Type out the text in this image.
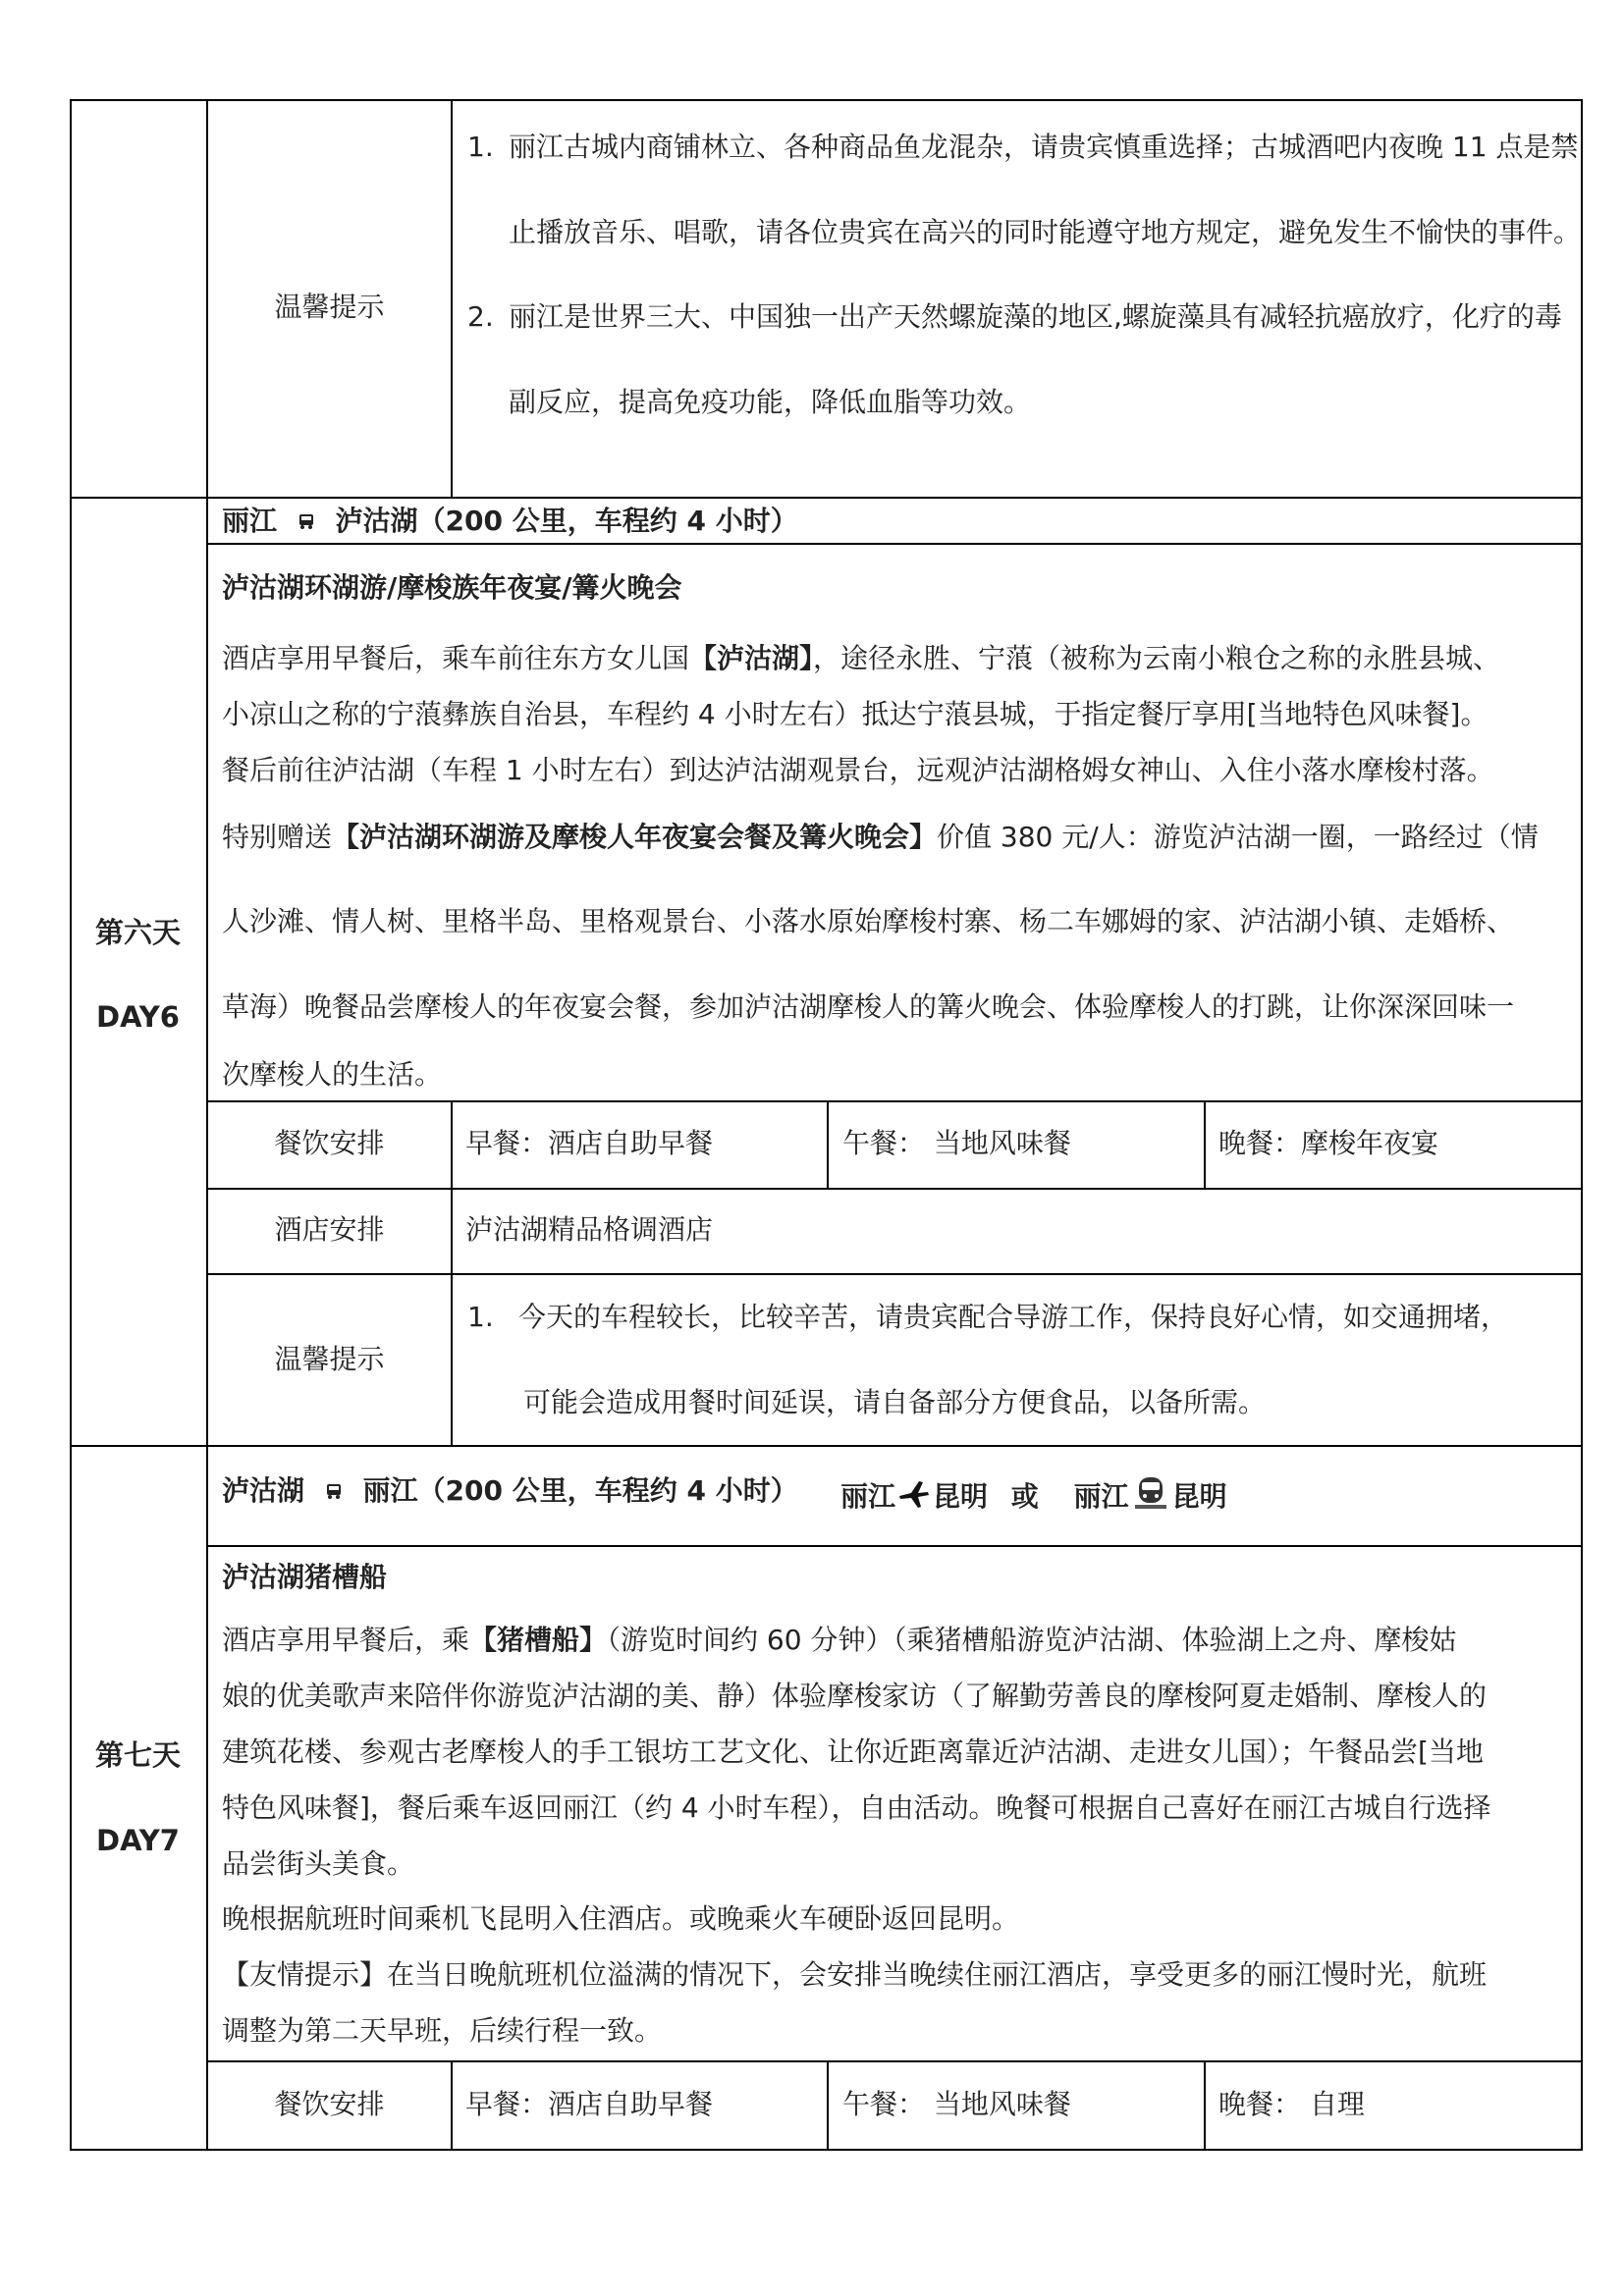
温馨提示
1. 丽江古城内商铺林立、各种商品鱼龙混杂，请贵宾慎重选择；古城酒吧内夜晚 11 点是禁
止播放音乐、唱歌，请各位贵宾在高兴的同时能遵守地方规定，避免发生不愉快的事件。
2. 丽江是世界三大、中国独一出产天然螺旋藻的地区,螺旋藻具有减轻抗癌放疗，化疗的毒
副反应，提高免疫功能，降低血脂等功效。
第六天
DAY6
丽江 泸沽湖（200 公里，车程约 4 小时）
泸沽湖环湖游/摩梭族年夜宴/篝火晚会
酒店享用早餐后，乘车前往东方女儿国【泸沽湖】，途径永胜、宁蒗（被称为云南小粮仓之称的永胜县城、
小凉山之称的宁蒗彝族自治县，车程约 4 小时左右）抵达宁蒗县城，于指定餐厅享用[当地特色风味餐]。
餐后前往泸沽湖（车程 1 小时左右）到达泸沽湖观景台，远观泸沽湖格姆女神山、入住小落水摩梭村落。
特别赠送【泸沽湖环湖游及摩梭人年夜宴会餐及篝火晚会】价值 380 元/人：游览泸沽湖一圈，一路经过（情
人沙滩、情人树、里格半岛、里格观景台、小落水原始摩梭村寨、杨二车娜姆的家、泸沽湖小镇、走婚桥、
草海）晚餐品尝摩梭人的年夜宴会餐，参加泸沽湖摩梭人的篝火晚会、体验摩梭人的打跳，让你深深回味一
次摩梭人的生活。
餐饮安排	早餐：酒店自助早餐	午餐： 当地风味餐	晚餐：摩梭年夜宴
酒店安排	泸沽湖精品格调酒店
温馨提示
1. 今天的车程较长，比较辛苦，请贵宾配合导游工作，保持良好心情，如交通拥堵，
可能会造成用餐时间延误，请自备部分方便食品，以备所需。
第七天
DAY7
泸沽湖 丽江（200 公里，车程约 4 小时） 丽江 昆明 或 丽江 昆明
泸沽湖猪槽船
酒店享用早餐后，乘【猪槽船】（游览时间约 60 分钟）（乘猪槽船游览泸沽湖、体验湖上之舟、摩梭姑
娘的优美歌声来陪伴你游览泸沽湖的美、静）体验摩梭家访（了解勤劳善良的摩梭阿夏走婚制、摩梭人的
建筑花楼、参观古老摩梭人的手工银坊工艺文化、让你近距离靠近泸沽湖、走进女儿国）；午餐品尝[当地
特色风味餐]，餐后乘车返回丽江（约 4 小时车程），自由活动。晚餐可根据自己喜好在丽江古城自行选择
品尝街头美食。
晚根据航班时间乘机飞昆明入住酒店。或晚乘火车硬卧返回昆明。
【友情提示】在当日晚航班机位溢满的情况下，会安排当晚续住丽江酒店，享受更多的丽江慢时光，航班
调整为第二天早班，后续行程一致。
餐饮安排	早餐：酒店自助早餐	午餐： 当地风味餐	晚餐： 自理
